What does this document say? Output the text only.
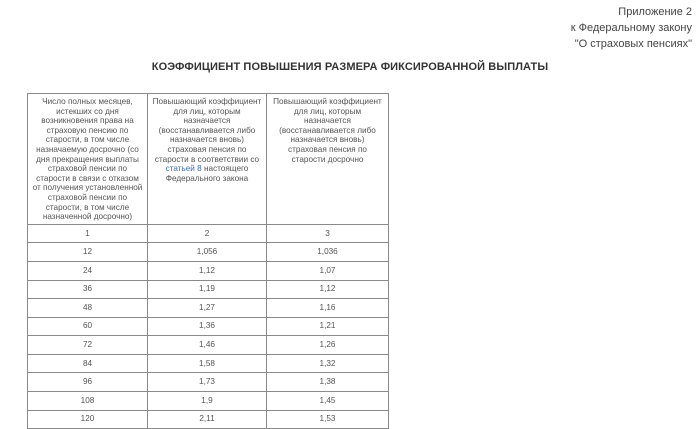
Приложение 2
к Федеральному закону
"О страховых пенсиях"
КОЭФФИЦИЕНТ ПОВЫШЕНИЯ РАЗМЕРА ФИКСИРОВАННОЙ ВЫПЛАТЫ
Число полных месяцев, истекших со дня возникновения права на страховую пенсию по старости, в том числе назначаемую досрочно (со дня прекращения выплаты страховой пенсии по старости в связи с отказом от получения установленной страховой пенсии по старости, в том числе назначенной досрочно)	Повышающий коэффициент для лиц, которым назначается (восстанавливается либо назначается вновь) страховая пенсия по старости в соответствии со статьей 8 настоящего Федерального закона	Повышающий коэффициент для лиц, которым назначается (восстанавливается либо назначается вновь) страховая пенсия по старости досрочно
1	2	3
12	1,056	1,036
24	1,12	1,07
36	1,19	1,12
48	1,27	1,16
60	1,36	1,21
72	1,46	1,26
84	1,58	1,32
96	1,73	1,38
108	1,9	1,45
120	2,11	1,53
